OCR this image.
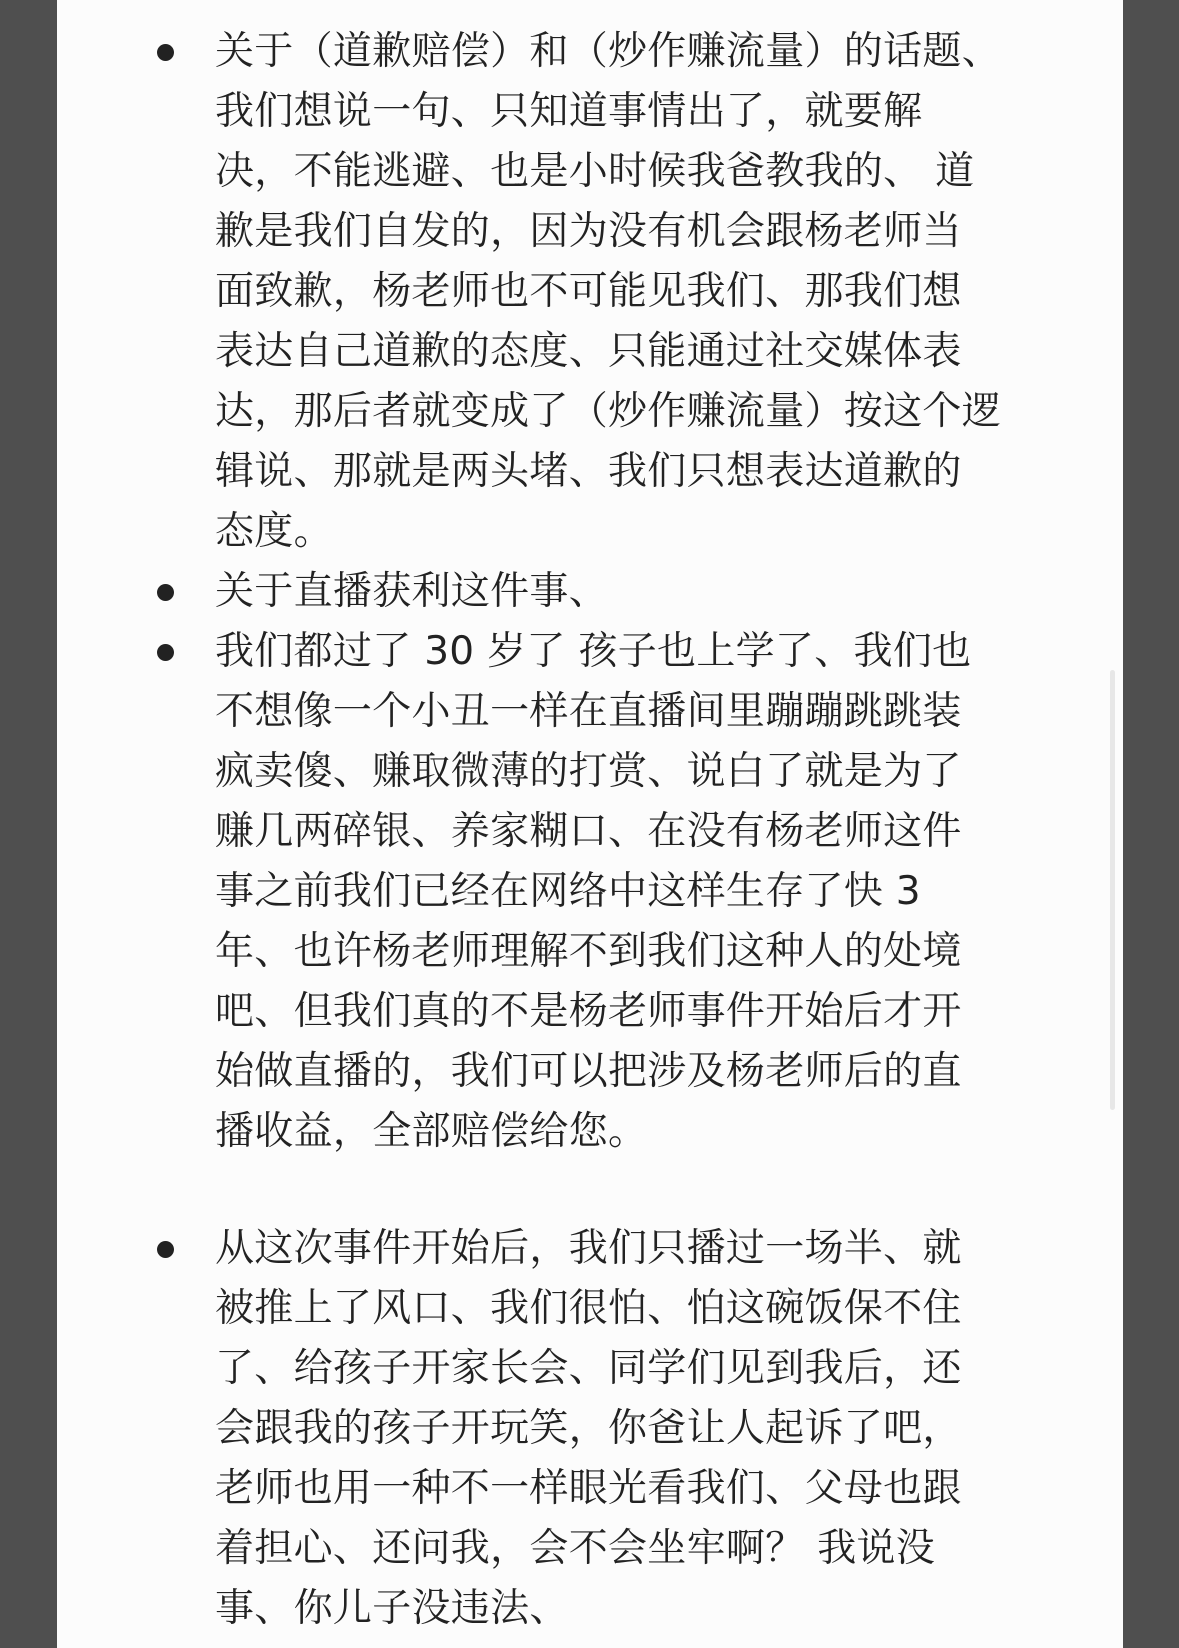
关于（道歉赔偿）和（炒作赚流量）的话题、
我们想说一句、只知道事情出了，就要解
决，不能逃避、也是小时候我爸教我的、 道
歉是我们自发的，因为没有机会跟杨老师当
面致歉，杨老师也不可能见我们、那我们想
表达自己道歉的态度、只能通过社交媒体表
达，那后者就变成了（炒作赚流量）按这个逻
辑说、那就是两头堵、我们只想表达道歉的
态度。
关于直播获利这件事、
我们都过了 30 岁了 孩子也上学了、我们也
不想像一个小丑一样在直播间里蹦蹦跳跳装
疯卖傻、赚取微薄的打赏、说白了就是为了
赚几两碎银、养家糊口、在没有杨老师这件
事之前我们已经在网络中这样生存了快 3
年、也许杨老师理解不到我们这种人的处境
吧、但我们真的不是杨老师事件开始后才开
始做直播的，我们可以把涉及杨老师后的直
播收益，全部赔偿给您。
从这次事件开始后，我们只播过一场半、就
被推上了风口、我们很怕、怕这碗饭保不住
了、给孩子开家长会、同学们见到我后，还
会跟我的孩子开玩笑，你爸让人起诉了吧，
老师也用一种不一样眼光看我们、父母也跟
着担心、还问我，会不会坐牢啊？ 我说没
事、你儿子没违法、
